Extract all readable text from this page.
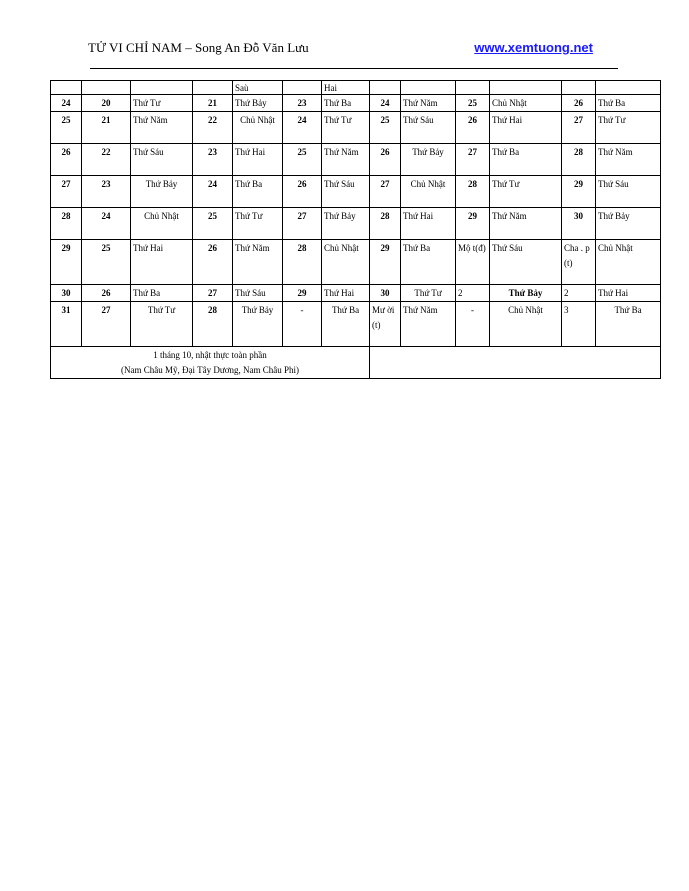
TỬ VI CHỈ NAM – Song An Đỗ Văn Lưu	www.xemtuong.net
				Saù		Hai						
24	20	Thứ Tư	21	Thứ Bảy	23	Thứ Ba	24	Thứ Năm	25	Chủ Nhật	26	Thứ Ba
25	21	Thứ Năm	22	Chủ Nhật	24	Thứ Tư	25	Thứ Sáu	26	Thứ Hai	27	Thứ Tư
26	22	Thứ Sáu	23	Thứ Hai	25	Thứ Năm	26	Thứ Bảy	27	Thứ Ba	28	Thứ Năm
27	23	Thứ Bảy	24	Thứ Ba	26	Thứ Sáu	27	Chủ Nhật	28	Thứ Tư	29	Thứ Sáu
28	24	Chủ Nhật	25	Thứ Tư	27	Thứ Bảy	28	Thứ Hai	29	Thứ Năm	30	Thứ Bảy
29	25	Thứ Hai	26	Thứ Năm	28	Chủ Nhật	29	Thứ Ba	Mộ t(đ)	Thứ Sáu	Cha . p (t)	Chủ Nhật
30	26	Thứ Ba	27	Thứ Sáu	29	Thứ Hai	30	Thứ Tư	2	Thứ Bảy	2	Thứ Hai
31	27	Thứ Tư	28	Thứ Bảy	-	Thứ Ba	Mư ời (t)	Thứ Năm	-	Chủ Nhật	3	Thứ Ba

1 tháng 10, nhật thực toàn phần
(Nam Châu Mỹ, Đại Tây Dương, Nam Châu Phi)												
